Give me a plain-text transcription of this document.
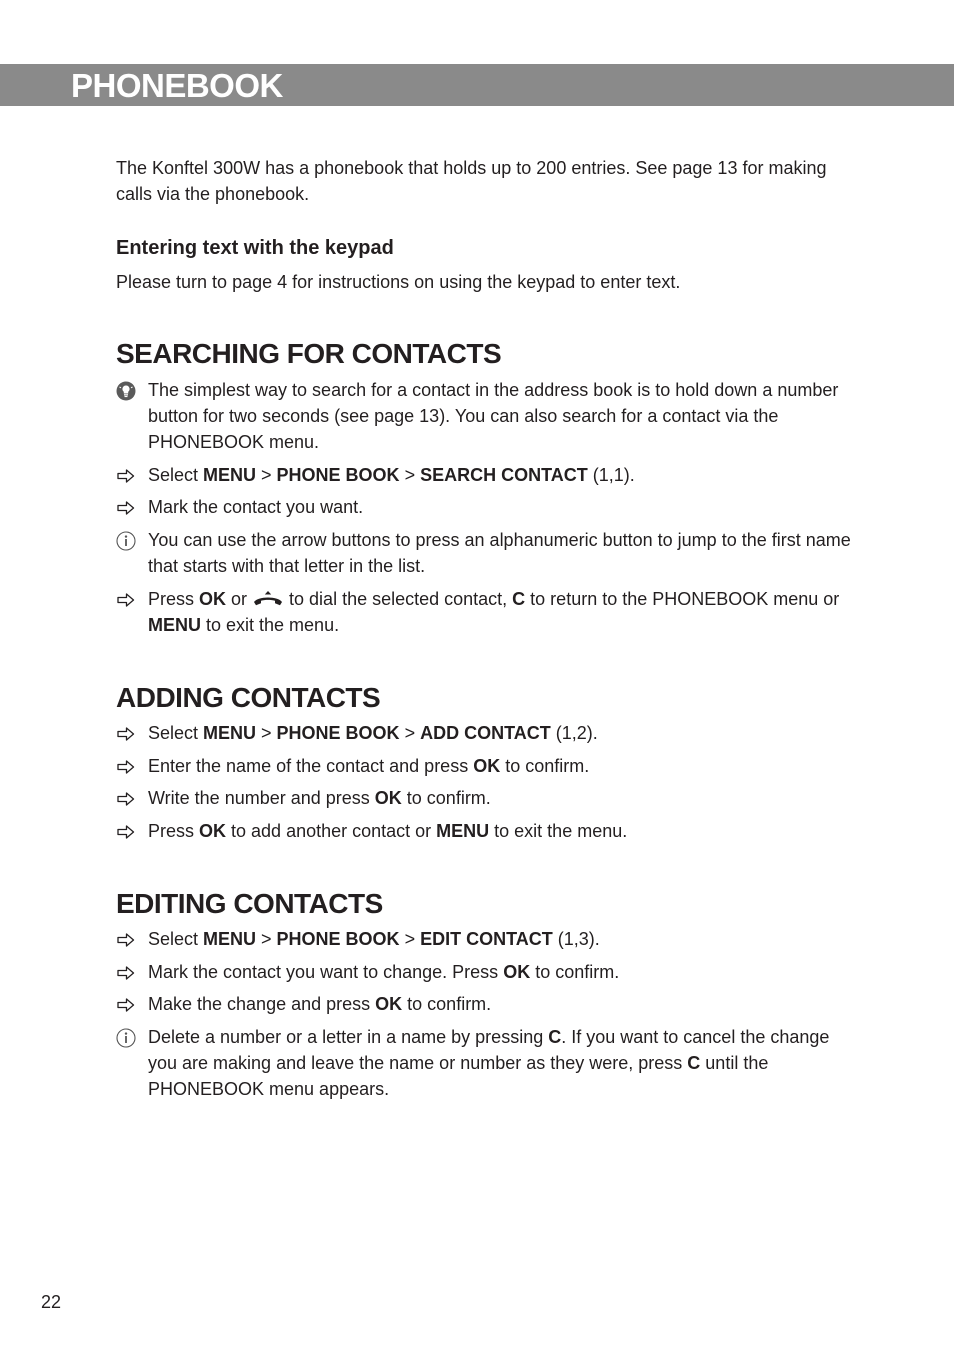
PHONEBOOK

The Konftel 300W has a phonebook that holds up to 200 entries. See page 13 for making calls via the phonebook.

Entering text with the keypad

Please turn to page 4 for instructions on using the keypad to enter text.

SEARCHING FOR CONTACTS
The simplest way to search for a contact in the address book is to hold down a number button for two seconds (see page 13). You can also search for a contact via the PHONEBOOK menu.
Select MENU > PHONE BOOK > SEARCH CONTACT (1,1).
Mark the contact you want.
You can use the arrow buttons to press an alphanumeric button to jump to the first name that starts with that letter in the list.
Press OK or  to dial the selected contact, C to return to the PHONEBOOK menu or MENU to exit the menu.
ADDING CONTACTS
Select MENU > PHONE BOOK > ADD CONTACT (1,2).
Enter the name of the contact and press OK to confirm.
Write the number and press OK to confirm.
Press OK to add another contact or MENU to exit the menu.
EDITING CONTACTS
Select MENU > PHONE BOOK > EDIT CONTACT (1,3).
Mark the contact you want to change. Press OK to confirm.
Make the change and press OK to confirm.
Delete a number or a letter in a name by pressing C. If you want to cancel the change you are making and leave the name or number as they were, press C until the PHONEBOOK menu appears.
22
